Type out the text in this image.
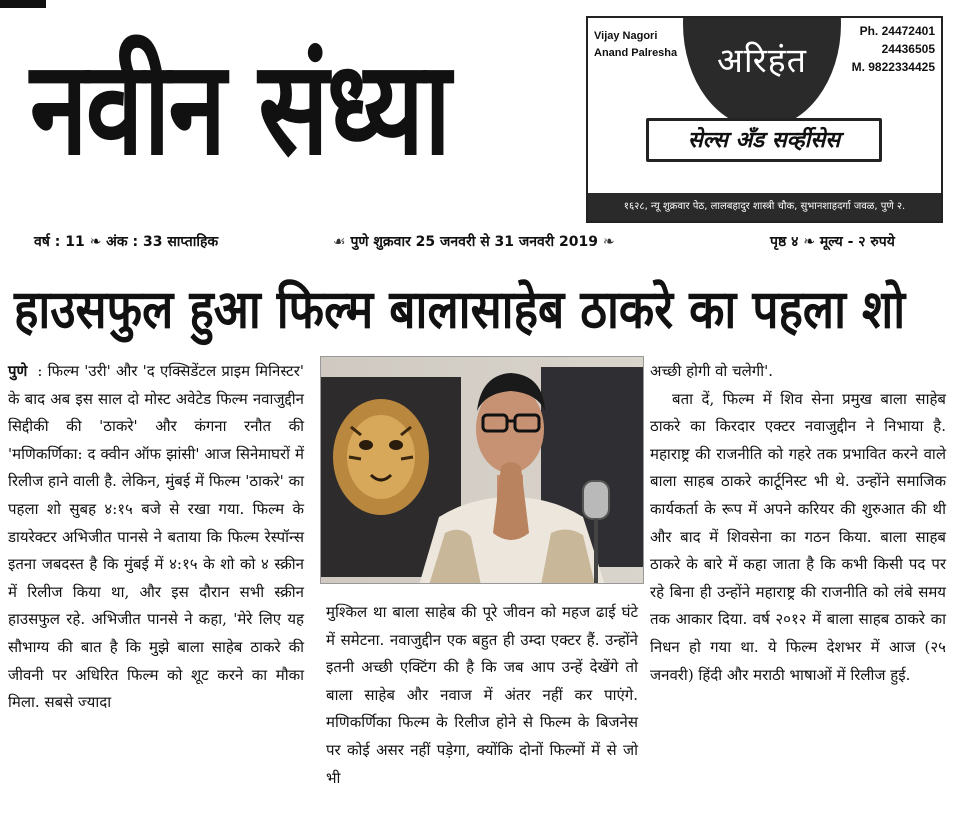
नवीन संध्या	अरिहंत
Vijay Nagori
Anand Palresha
Ph. 24472401
24436505
M. 9822334425
सेल्स अँड सर्व्हीसेस
१६२८, न्यू शुक्रवार पेठ, लालबहादुर शास्त्री चौक, सुभानशाहदर्गा जवळ, पुणे २.
वर्ष : 11 ❧ अंक : 33 साप्ताहिक	☙ पुणे शुक्रवार 25 जनवरी से 31 जनवरी 2019 ❧	पृष्ठ ४ ❧ मूल्य - २ रुपये
हाउसफुल हुआ फिल्म बालासाहेब ठाकरे का पहला शो

पुणे : फिल्म 'उरी' और 'द एक्सिडेंटल प्राइम मिनिस्टर' के बाद अब इस साल दो मोस्ट अवेटेड फिल्म नवाजुद्दीन सिद्दीकी की 'ठाकरे' और कंगना रनौत की 'मणिकर्णिका: द क्वीन ऑफ झांसी' आज सिनेमाघरों में रिलीज हाने वाली है. लेकिन, मुंबई में फिल्म 'ठाकरे' का पहला शो सुबह ४:१५ बजे से रखा गया. फिल्म के डायरेक्टर अभिजीत पानसे ने बताया कि फिल्म रेस्पॉन्स इतना जबदस्त है कि मुंबई में ४:१५ के शो को ४ स्क्रीन में रिलीज किया था, और इस दौरान सभी स्क्रीन हाउसफुल रहे. अभिजीत पानसे ने कहा, 'मेरे लिए यह सौभाग्य की बात है कि मुझे बाला साहेब ठाकरे की जीवनी पर अधिरित फिल्म को शूट करने का मौका मिला. सबसे ज्यादा

मुश्किल था बाला साहेब की पूरे जीवन को महज ढाई घंटे में समेटना. नवाजुद्दीन एक बहुत ही उम्दा एक्टर हैं. उन्होंने इतनी अच्छी एक्टिंग की है कि जब आप उन्हें देखेंगे तो बाला साहेब और नवाज में अंतर नहीं कर पाएंगे. मणिकर्णिका फिल्म के रिलीज होने से फिल्म के बिजनेस पर कोई असर नहीं पड़ेगा, क्योंकि दोनों फिल्मों में से जो भी

अच्छी होगी वो चलेगी'.

बता दें, फिल्म में शिव सेना प्रमुख बाला साहेब ठाकरे का किरदार एक्टर नवाजुद्दीन ने निभाया है. महाराष्ट्र की राजनीति को गहरे तक प्रभावित करने वाले बाला साहब ठाकरे कार्टूनिस्ट भी थे. उन्होंने समाजिक कार्यकर्ता के रूप में अपने करियर की शुरुआत की थी और बाद में शिवसेना का गठन किया. बाला साहब ठाकरे के बारे में कहा जाता है कि कभी किसी पद पर रहे बिना ही उन्होंने महाराष्ट्र की राजनीति को लंबे समय तक आकार दिया. वर्ष २०१२ में बाला साहब ठाकरे का निधन हो गया था. ये फिल्म देशभर में आज (२५ जनवरी) हिंदी और मराठी भाषाओं में रिलीज हुई.
